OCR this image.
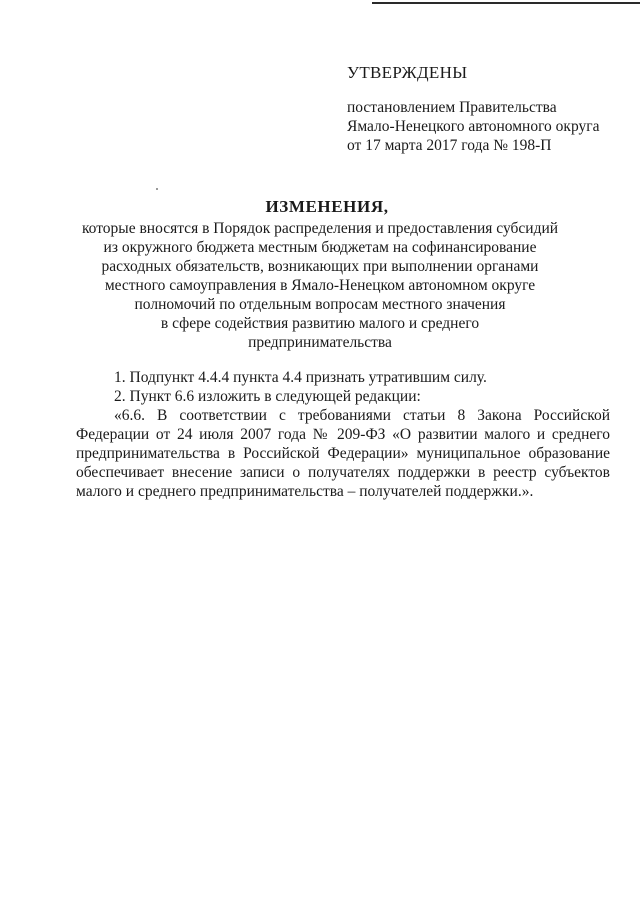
УТВЕРЖДЕНЫ
постановлением Правительства
Ямало-Ненецкого автономного округа
от 17 марта 2017 года № 198-П
ИЗМЕНЕНИЯ,
которые вносятся в Порядок распределения и предоставления субсидий
из окружного бюджета местным бюджетам на софинансирование
расходных обязательств, возникающих при выполнении органами
местного самоуправления в Ямало-Ненецком автономном округе
полномочий по отдельным вопросам местного значения
в сфере содействия развитию малого и среднего
предпринимательства
1. Подпункт 4.4.4 пункта 4.4 признать утратившим силу.
2. Пункт 6.6 изложить в следующей редакции:
«6.6. В соответствии с требованиями статьи 8 Закона Российской Федерации от 24 июля 2007 года № 209-ФЗ «О развитии малого и среднего предпринимательства в Российской Федерации» муниципальное образование обеспечивает внесение записи о получателях поддержки в реестр субъектов малого и среднего предпринимательства – получателей поддержки.».
